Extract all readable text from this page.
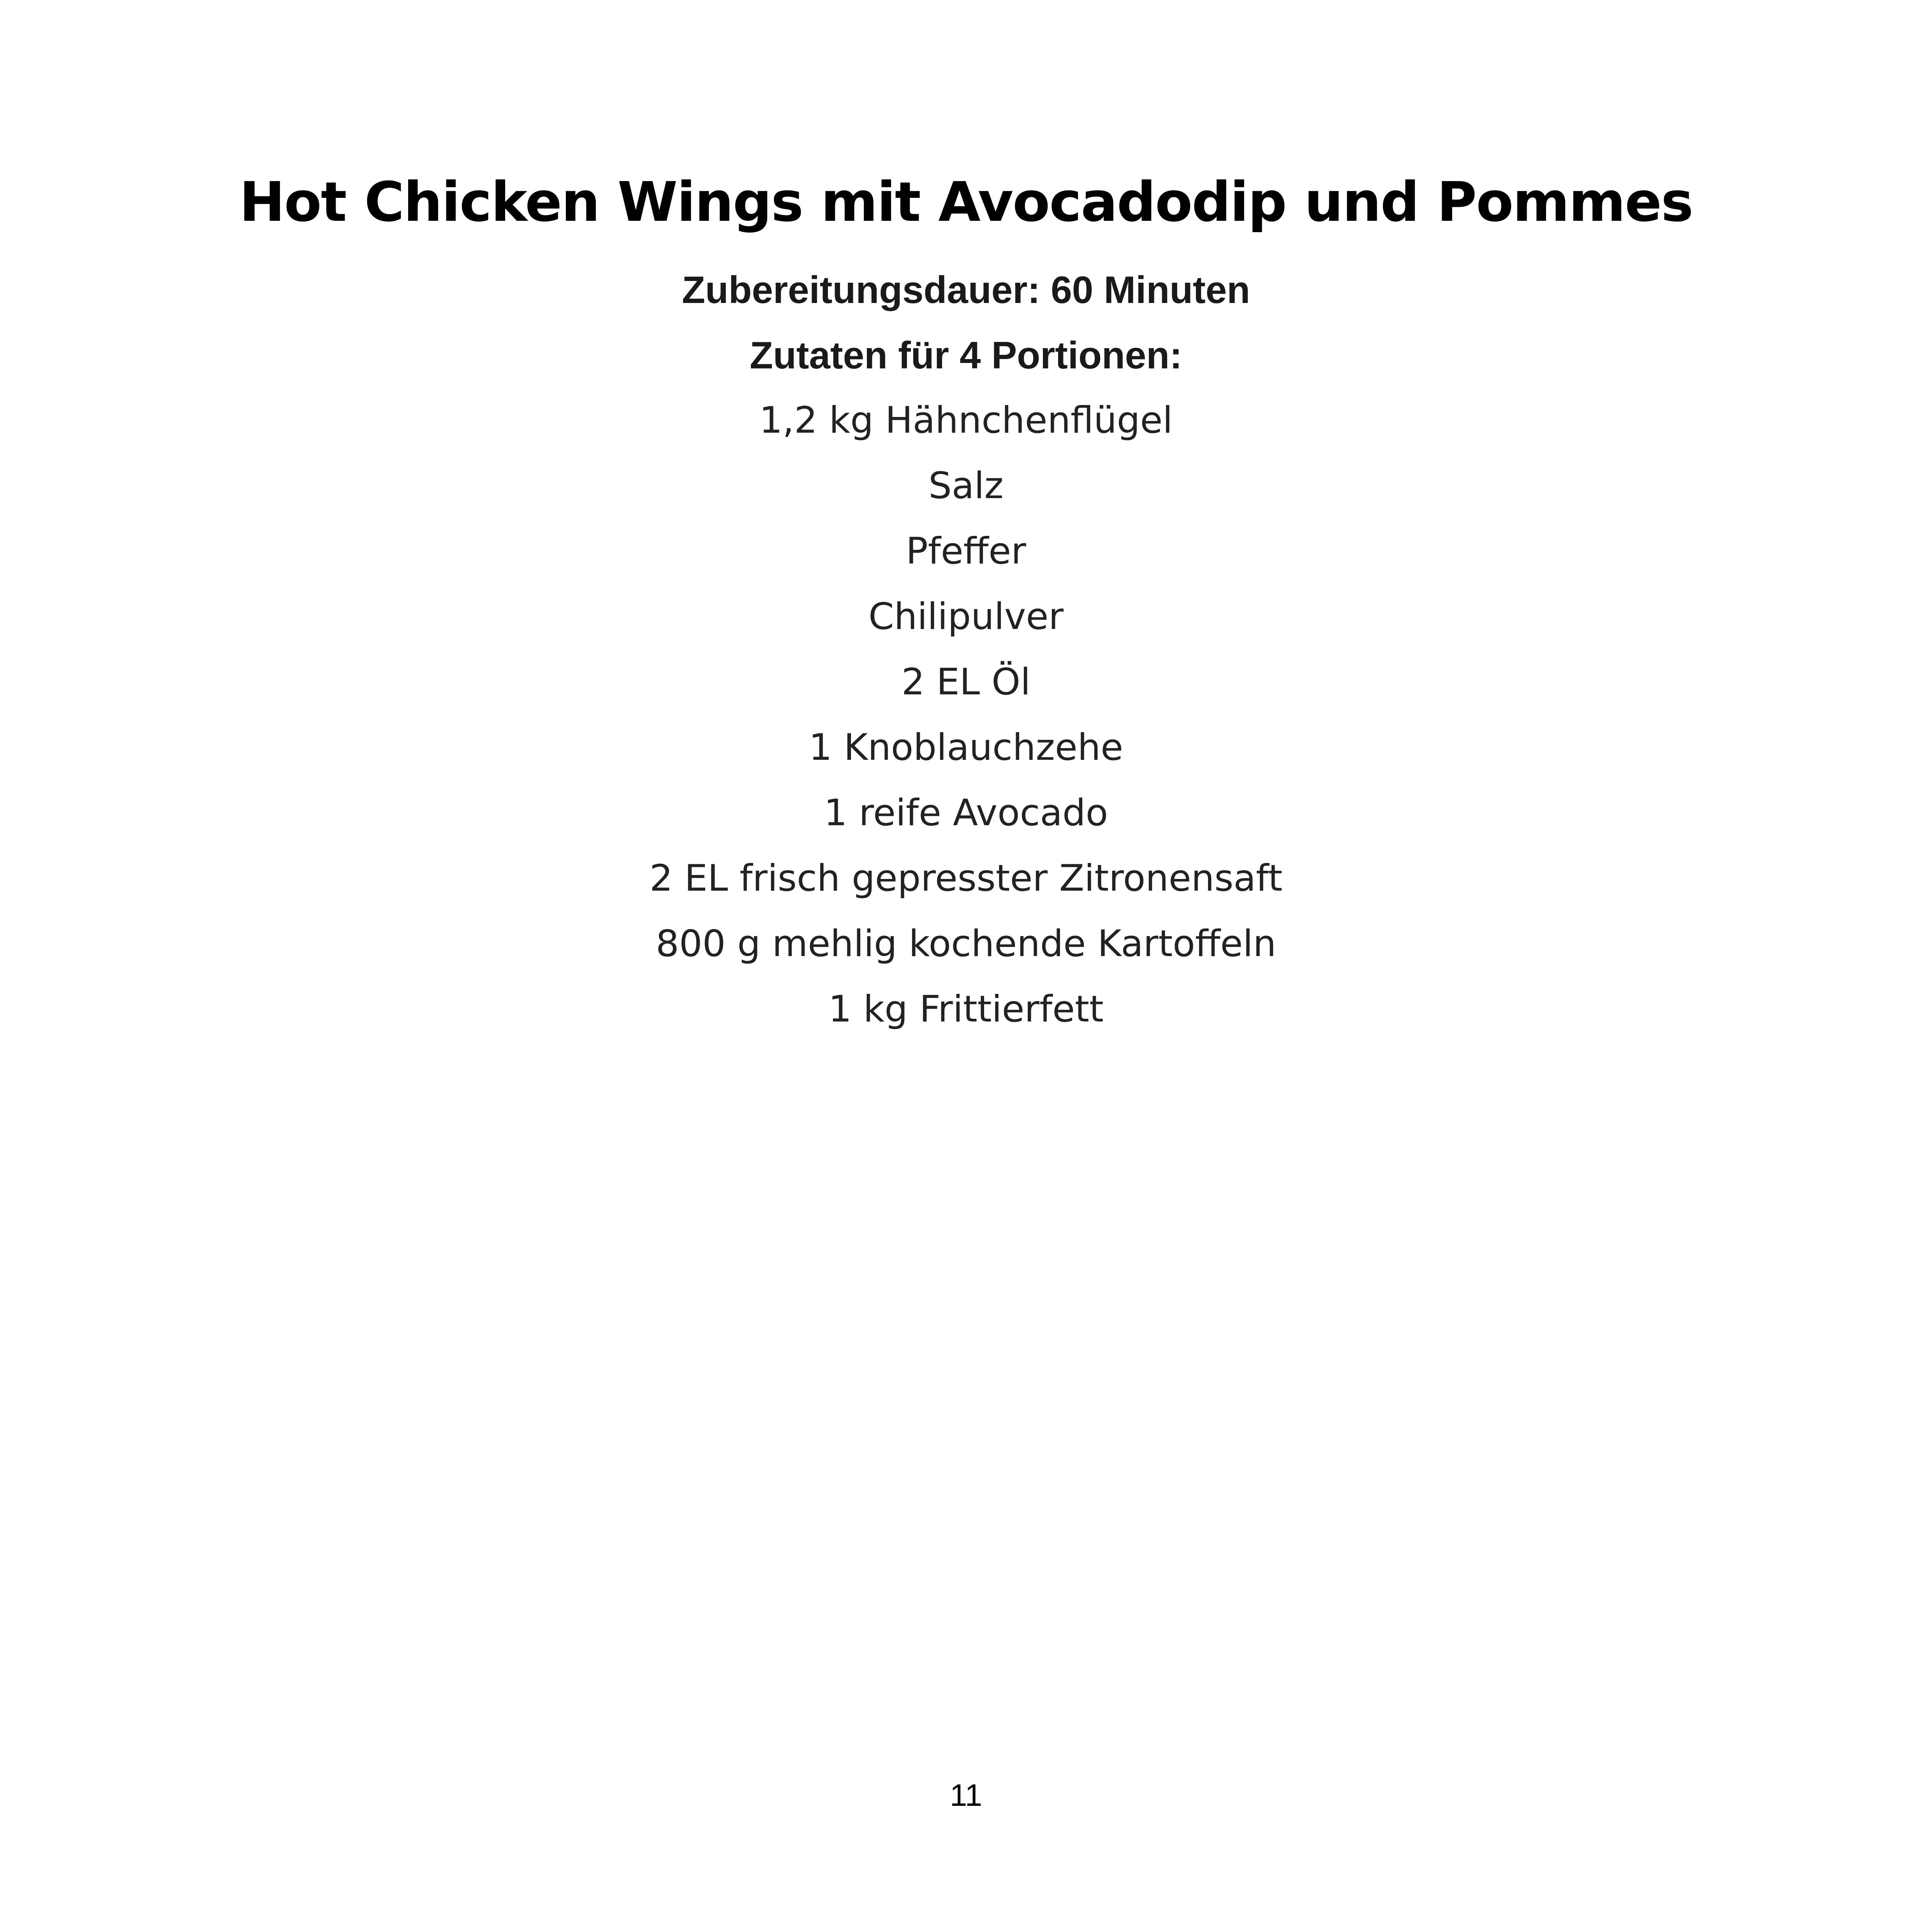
Hot Chicken Wings mit Avocadodip und Pommes
Zubereitungsdauer: 60 Minuten
Zutaten für 4 Portionen:
1,2 kg Hähnchenflügel
Salz
Pfeffer
Chilipulver
2 EL Öl
1 Knoblauchzehe
1 reife Avocado
2 EL frisch gepresster Zitronensaft
800 g mehlig kochende Kartoffeln
1 kg Frittierfett
11
